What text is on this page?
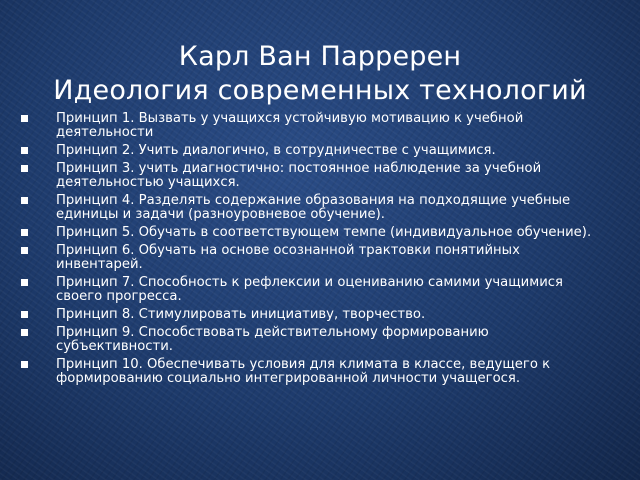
Карл Ван Парререн
Идеология современных технологий
Принцип 1. Вызвать у учащихся устойчивую мотивацию к учебной деятельности
Принцип 2. Учить диалогично, в сотрудничестве с учащимися.
Принцип 3. учить диагностично: постоянное наблюдение за учебной деятельностью учащихся.
Принцип 4. Разделять содержание образования на подходящие учебные единицы и задачи (разноуровневое обучение).
Принцип 5. Обучать в соответствующем темпе (индивидуальное обучение).
Принцип 6. Обучать на основе осознанной трактовки понятийных инвентарей.
Принцип 7. Способность к рефлексии и оцениванию самими учащимися своего прогресса.
Принцип 8. Стимулировать инициативу, творчество.
Принцип 9. Способствовать действительному формированию субъективности.
Принцип 10. Обеспечивать условия для климата в классе, ведущего к формированию социально интегрированной личности учащегося.
